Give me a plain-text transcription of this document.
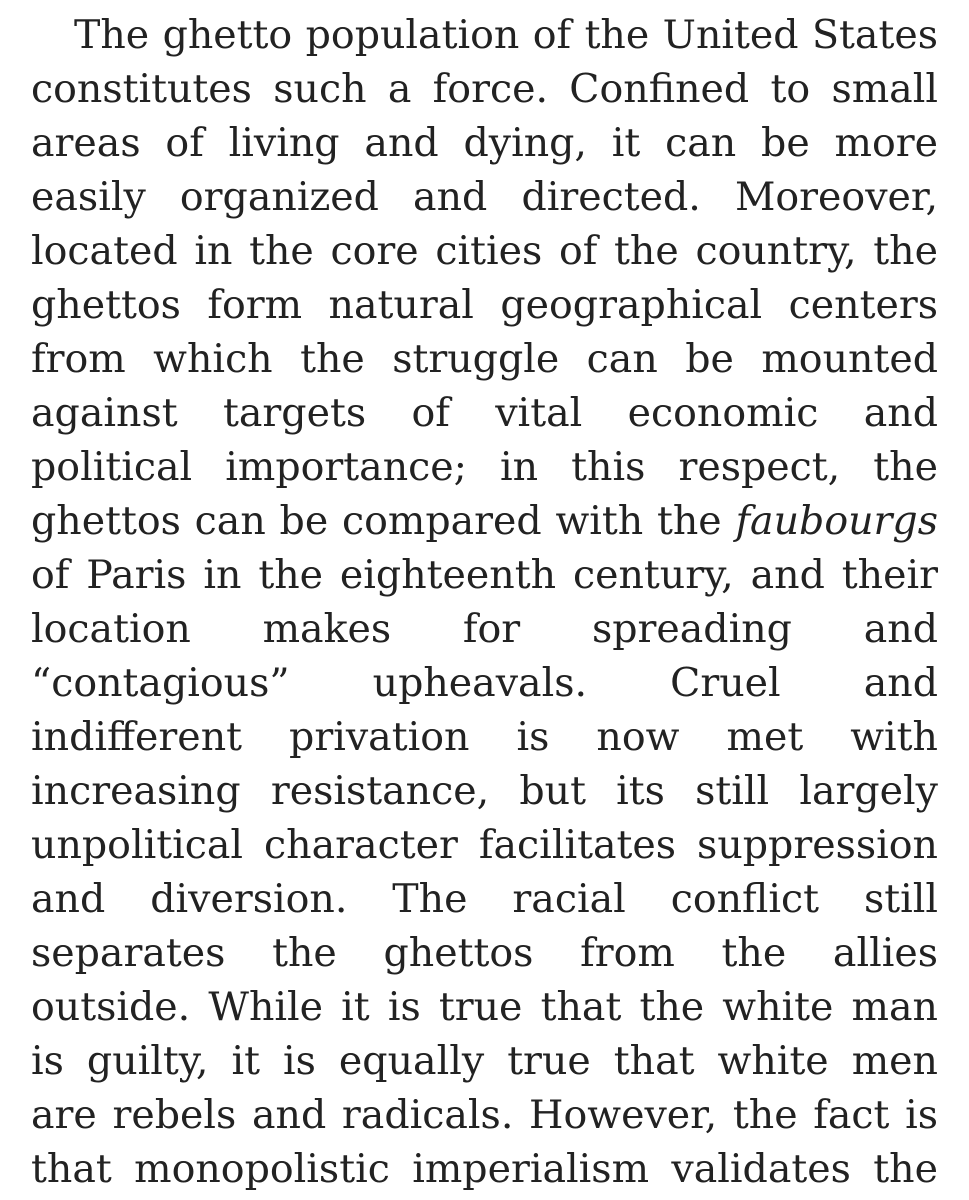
The ghetto population of the United States
constitutes such a force. Confined to small
areas of living and dying, it can be more
easily organized and directed. Moreover,
located in the core cities of the country, the
ghettos form natural geographical centers
from which the struggle can be mounted
against targets of vital economic and
political importance; in this respect, the
ghettos can be compared with the faubourgs
of Paris in the eighteenth century, and their
location makes for spreading and
“contagious” upheavals. Cruel and
indifferent privation is now met with
increasing resistance, but its still largely
unpolitical character facilitates suppression
and diversion. The racial conflict still
separates the ghettos from the allies
outside. While it is true that the white man
is guilty, it is equally true that white men
are rebels and radicals. However, the fact is
that monopolistic imperialism validates the
